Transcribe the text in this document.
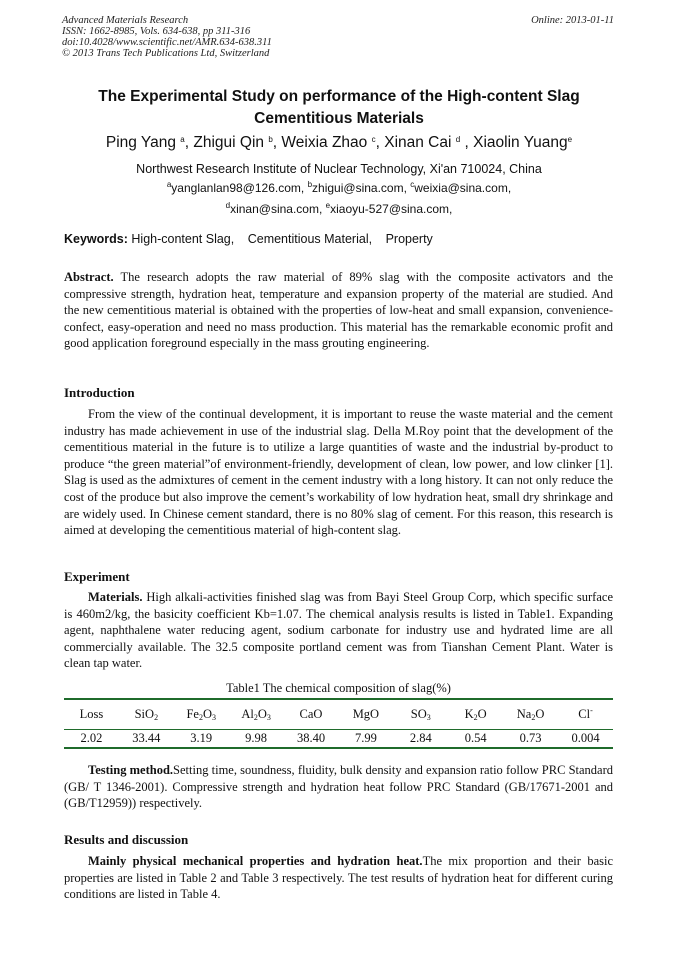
Advanced Materials Research
ISSN: 1662-8985, Vols. 634-638, pp 311-316
doi:10.4028/www.scientific.net/AMR.634-638.311
© 2013 Trans Tech Publications Ltd, Switzerland
Online: 2013-01-11
The Experimental Study on performance of the High-content Slag
Cementitious Materials
Ping Yang $^a$, Zhigui Qin $^b$, Weixia Zhao $^c$, Xinan Cai $^d$ , Xiaolin Yuang$^e$
Northwest Research Institute of Nuclear Technology, Xi'an 710024, China
$^a$yanglanlan98@126.com, $^b$zhigui@sina.com, $^c$weixia@sina.com,
$^d$xinan@sina.com, $^e$xiaoyu-527@sina.com,
Keywords: High-content Slag, Cementitious Material, Property
Abstract. The research adopts the raw material of 89% slag with the composite activators and the compressive strength, hydration heat, temperature and expansion property of the material are studied. And the new cementitious material is obtained with the properties of low-heat and small expansion, convenience-confect, easy-operation and need no mass production. This material has the remarkable economic profit and good application foreground especially in the mass grouting engineering.
Introduction
From the view of the continual development, it is important to reuse the waste material and the cement industry has made achievement in use of the industrial slag. Della M.Roy point that the development of the cementitious material in the future is to utilize a large quantities of waste and the industrial by-product to produce “the green material”of environment-friendly, development of clean, low power, and low clinker [1]. Slag is used as the admixtures of cement in the cement industry with a long history. It can not only reduce the cost of the produce but also improve the cement’s workability of low hydration heat, small dry shrinkage and are widely used. In Chinese cement standard, there is no 80% slag of cement. For this reason, this research is aimed at developing the cementitious material of high-content slag.
Experiment
Materials. High alkali-activities finished slag was from Bayi Steel Group Corp, which specific surface is 460m2/kg, the basicity coefficient Kb=1.07. The chemical analysis results is listed in Table1. Expanding agent, naphthalene water reducing agent, sodium carbonate for industry use and hydrated lime are all commercially available. The 32.5 composite portland cement was from Tianshan Cement Plant. Water is clean tap water.
Table1 The chemical composition of slag(%)
Loss	SiO$_2$	$Fe_2O_3$	$Al_2O_3$	CaO	MgO	$SO_3$	$K_2O$	$Na_2O$	Cl-
2.02	33.44	3.19	9.98	38.40	7.99	2.84	0.54	0.73	0.004
Testing method.Setting time, soundness, fluidity, bulk density and expansion ratio follow PRC Standard (GB/ T 1346-2001). Compressive strength and hydration heat follow PRC Standard (GB/17671-2001 and (GB/T12959)) respectively.
Results and discussion
Mainly physical mechanical properties and hydration heat.The mix proportion and their basic properties are listed in Table 2 and Table 3 respectively. The test results of hydration heat for different curing conditions are listed in Table 4.
